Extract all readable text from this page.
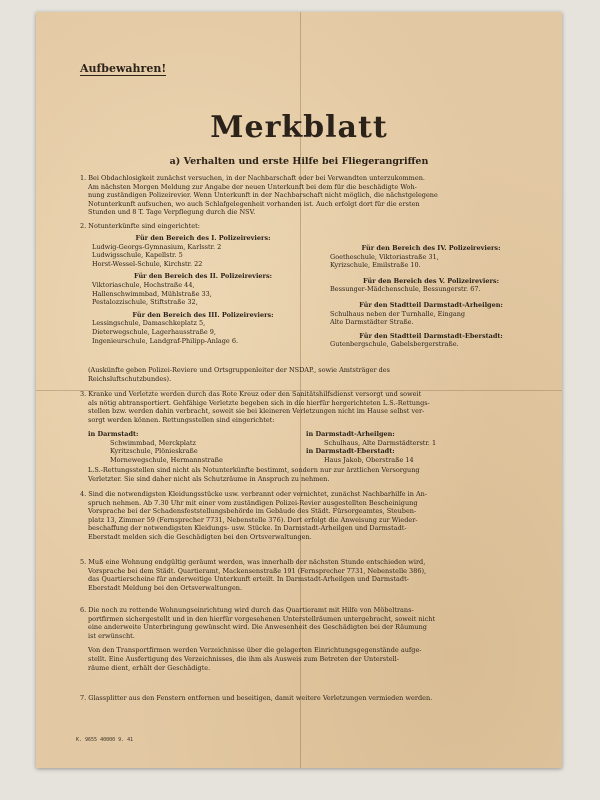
Aufbewahren!
Merkblatt
a) Verhalten und erste Hilfe bei Fliegerangriffen

1. Bei Obdachlosigkeit zunächst versuchen, in der Nachbarschaft oder bei Verwandten unterzukommen.

Am nächsten Morgen Meldung zur Angabe der neuen Unterkunft bei dem für die beschädigte Woh-

nung zuständigen Polizeirevier. Wenn Unterkunft in der Nachbarschaft nicht möglich, die nächstgelegene

Notunterkunft aufsuchen, wo auch Schlafgelegenheit vorhanden ist. Auch erfolgt dort für die ersten

Stunden und 8 T. Tage Verpflegung durch die NSV.

2. Notunterkünfte sind eingerichtet:

Für den Bereich des I. Polizeireviers:
Ludwig-Georgs-Gymnasium, Karlsstr. 2
Ludwigsschule, Kapellstr. 5
Horst-Wessel-Schule, Kirchstr. 22
Für den Bereich des II. Polizeireviers:
Viktoriaschule, Hochstraße 44,
Hallenschwimmbad, Mühlstraße 33,
Pestalozzischule, Stiftstraße 32,
Für den Bereich des III. Polizeireviers:
Lessingschule, Damaschkeplatz 5,
Dieterwegschule, Lagerhausstraße 9,
Ingenieurschule, Landgraf-Philipp-Anlage 6.
Für den Bereich des IV. Polizeireviers:
Goetheschule, Viktoriastraße 31,
Kyrizschule, Emilstraße 10.
Für den Bereich des V. Polizeireviers:
Bessunger-Mädchenschule, Bessungerstr. 67.
Für den Stadtteil Darmstadt-Arheilgen:
Schulhaus neben der Turnhalle, Eingang
Alte Darmstädter Straße.
Für den Stadtteil Darmstadt-Eberstadt:
Gutenbergschule, Gabelsbergerstraße.

(Auskünfte geben Polizei-Reviere und Ortsgruppenleiter der NSDAP., sowie Amtsträger des

Reichsluftschutzbundes).

3. Kranke und Verletzte werden durch das Rote Kreuz oder den Sanitätshilfsdienst versorgt und soweit

als nötig abtransportiert. Gehfähige Verletzte begeben sich in die hierfür hergerichteten L.S.-Rettungs-

stellen bzw. werden dahin verbracht, soweit sie bei kleineren Verletzungen nicht im Hause selbst ver-

sorgt werden können. Rettungsstellen sind eingerichtet:

in Darmstadt:
Schwimmbad, Merckplatz
Kyritzschule, Plönieskraße
Mornewegschule, Hermannstraße
in Darmstadt-Arheilgen:
Schulhaus, Alte Darmstädterstr. 1
in Darmstadt-Eberstadt:
Haus Jakob, Oberstraße 14

L.S.-Rettungsstellen sind nicht als Notunterkünfte bestimmt, sondern nur zur ärztlichen Versorgung

Verletzter. Sie sind daher nicht als Schutzräume in Anspruch zu nehmen.

4. Sind die notwendigsten Kleidungsstücke usw. verbrannt oder vernichtet, zunächst Nachbarhilfe in An-

spruch nehmen. Ab 7.30 Uhr mit einer vom zuständigen Polizei-Revier ausgestellten Bescheinigung

Vorsprache bei der Schadensfeststellungsbehörde im Gebäude des Städt. Fürsorgeamtes, Steuben-

platz 13, Zimmer 59 (Fernsprecher 7731, Nebenstelle 376). Dort erfolgt die Anweisung zur Wieder-

beschaffung der notwendigsten Kleidungs- usw. Stücke. In Darmstadt-Arheilgen und Darmstadt-

Eberstadt melden sich die Geschädigten bei den Ortsverwaltungen.

5. Muß eine Wohnung endgültig geräumt werden, was innerhalb der nächsten Stunde entschieden wird,

Vorsprache bei dem Städt. Quartieramt, Mackensenstraße 191 (Fernsprecher 7731, Nebenstelle 386),

das Quartierscheine für anderweitige Unterkunft erteilt. In Darmstadt-Arheilgen und Darmstadt-

Eberstadt Meldung bei den Ortsverwaltungen.

6. Die noch zu rettende Wohnungseinrichtung wird durch das Quartieramt mit Hilfe von Möbeltrans-

portfirmen sichergestellt und in den hierfür vorgesehenen Unterstellräumen untergebracht, soweit nicht

eine anderweite Unterbringung gewünscht wird. Die Anwesenheit des Geschädigten bei der Räumung

ist erwünscht.

Von den Transportfirmen werden Verzeichnisse über die gelagerten Einrichtungsgegenstände aufge-

stellt. Eine Ausfertigung des Verzeichnisses, die ihm als Ausweis zum Betreten der Unterstell-

räume dient, erhält der Geschädigte.

7. Glassplitter aus den Fenstern entfernen und beseitigen, damit weitere Verletzungen vermieden werden.

K. 9655 40000 9. 41
